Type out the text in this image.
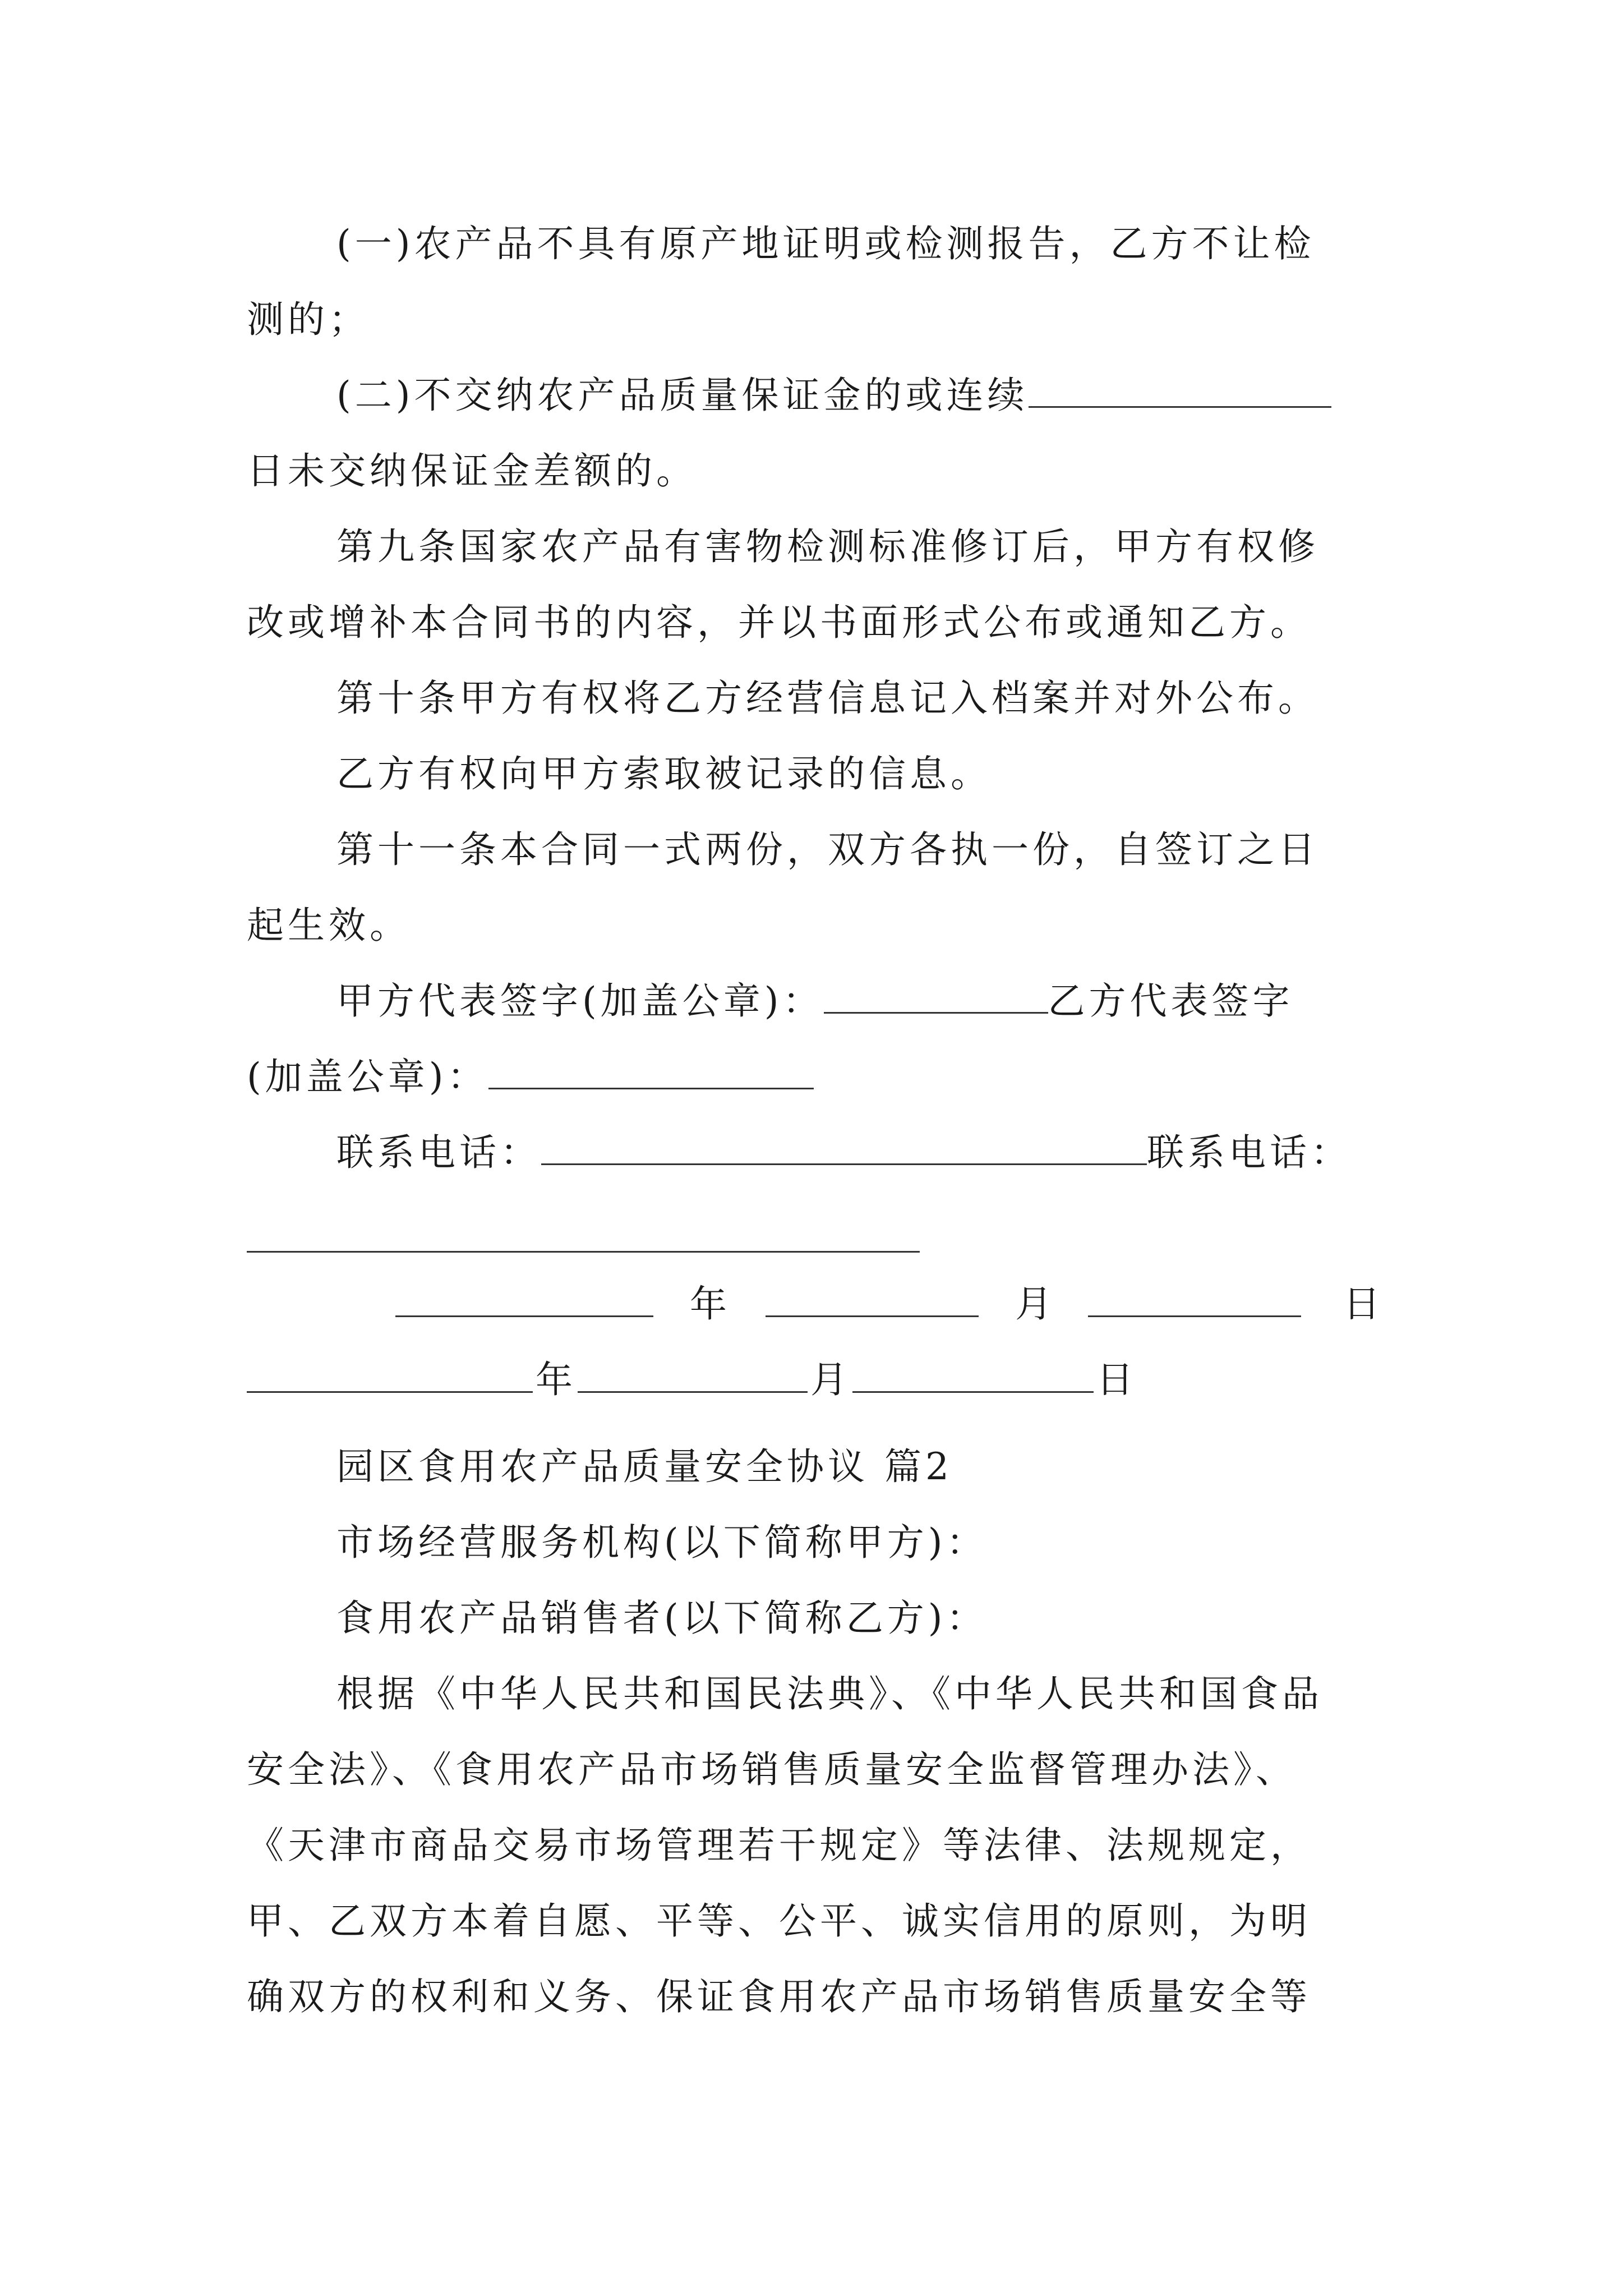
(一)农产品不具有原产地证明或检测报告，乙方不让检
测的；
(二)不交纳农产品质量保证金的或连续
日未交纳保证金差额的。
第九条国家农产品有害物检测标准修订后，甲方有权修
改或增补本合同书的内容，并以书面形式公布或通知乙方。
第十条甲方有权将乙方经营信息记入档案并对外公布。
乙方有权向甲方索取被记录的信息。
第十一条本合同一式两份，双方各执一份，自签订之日
起生效。
甲方代表签字(加盖公章)：	乙方代表签字
(加盖公章)：
联系电话：	联系电话：
年	月	日
年	月	日
园区食用农产品质量安全协议 篇2
市场经营服务机构(以下简称甲方)：
食用农产品销售者(以下简称乙方)：
根据《中华人民共和国民法典》、《中华人民共和国食品
安全法》、《食用农产品市场销售质量安全监督管理办法》、
《天津市商品交易市场管理若干规定》等法律、法规规定，
甲、乙双方本着自愿、平等、公平、诚实信用的原则，为明
确双方的权利和义务、保证食用农产品市场销售质量安全等
